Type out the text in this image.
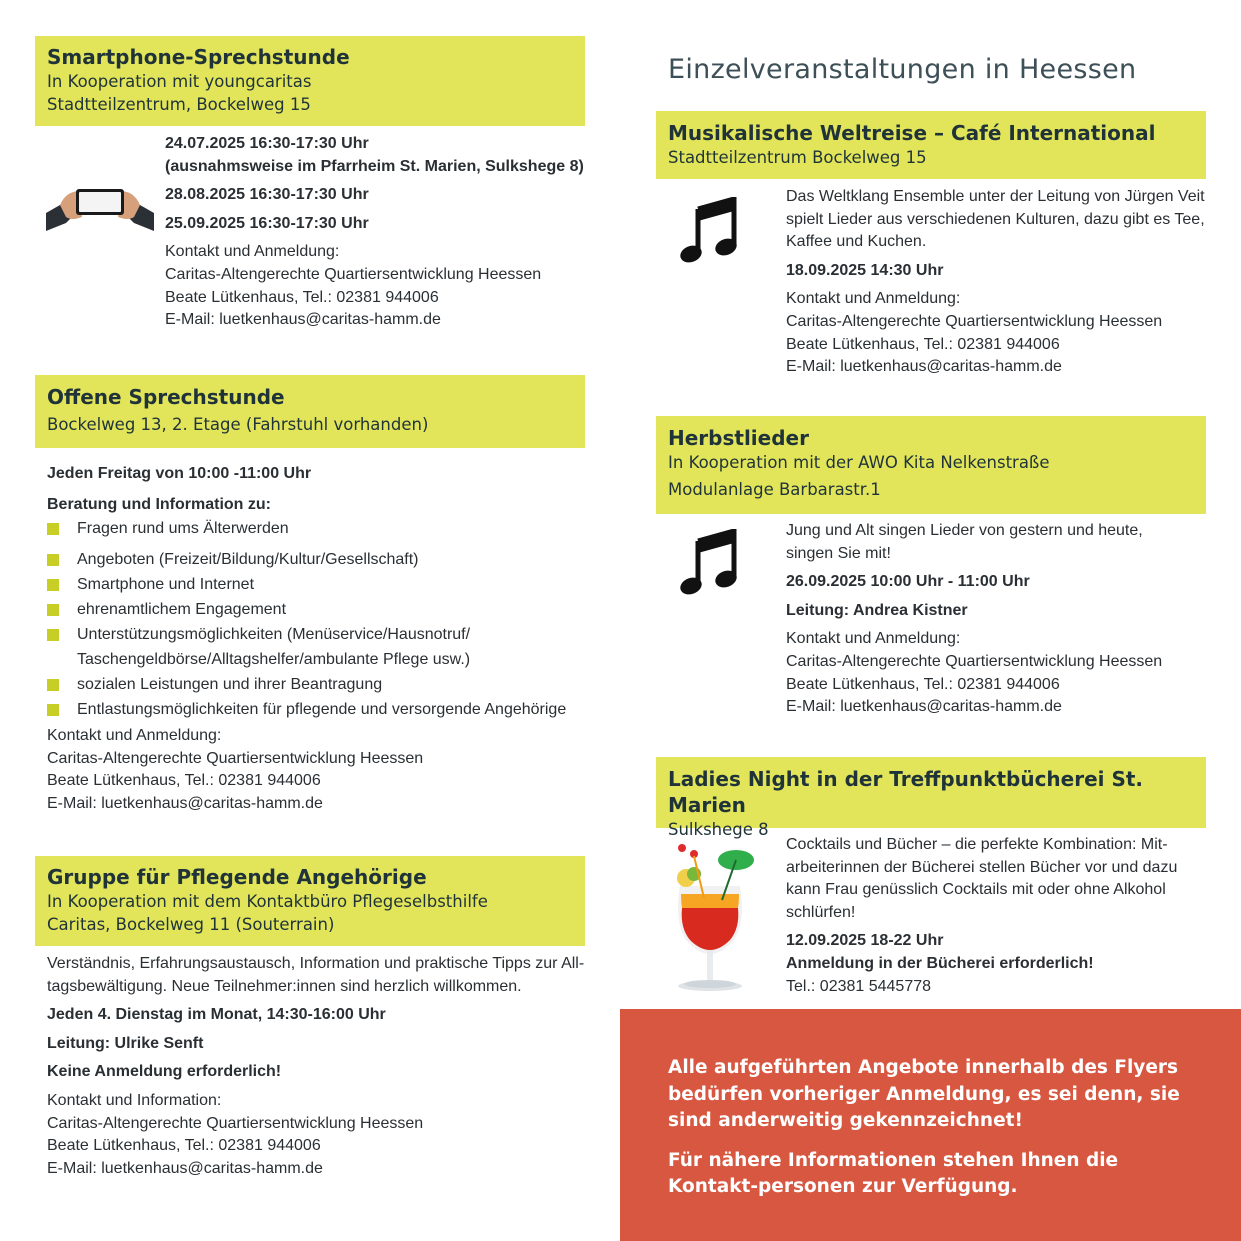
Smartphone-Sprechstunde
In Kooperation mit youngcaritas
Stadtteilzentrum, Bockelweg 15
24.07.2025 16:30-17:30 Uhr
(ausnahmsweise im Pfarrheim St. Marien, Sulkshege 8)
28.08.2025 16:30-17:30 Uhr
25.09.2025 16:30-17:30 Uhr
Kontakt und Anmeldung:
Caritas-Altengerechte Quartiersentwicklung Heessen
Beate Lütkenhaus, Tel.: 02381 944006
E-Mail: luetkenhaus@caritas-hamm.de
Offene Sprechstunde
Bockelweg 13, 2. Etage (Fahrstuhl vorhanden)
Jeden Freitag von 10:00 -11:00 Uhr
Beratung und Information zu:
Fragen rund ums Älterwerden
Angeboten (Freizeit/Bildung/Kultur/Gesellschaft)
Smartphone und Internet
ehrenamtlichem Engagement
Unterstützungsmöglichkeiten (Menüservice/Hausnotruf/
Taschengeldbörse/Alltagshelfer/ambulante Pflege usw.)
sozialen Leistungen und ihrer Beantragung
Entlastungsmöglichkeiten für pflegende und versorgende Angehörige
Kontakt und Anmeldung:
Caritas-Altengerechte Quartiersentwicklung Heessen
Beate Lütkenhaus, Tel.: 02381 944006
E-Mail: luetkenhaus@caritas-hamm.de
Gruppe für Pflegende Angehörige
In Kooperation mit dem Kontaktbüro Pflegeselbsthilfe
Caritas, Bockelweg 11 (Souterrain)
Verständnis, Erfahrungsaustausch, Information und praktische Tipps zur All-
tagsbewältigung. Neue Teilnehmer:innen sind herzlich willkommen.
Jeden 4. Dienstag im Monat, 14:30-16:00 Uhr
Leitung: Ulrike Senft
Keine Anmeldung erforderlich!
Kontakt und Information:
Caritas-Altengerechte Quartiersentwicklung Heessen
Beate Lütkenhaus, Tel.: 02381 944006
E-Mail: luetkenhaus@caritas-hamm.de
Einzelveranstaltungen in Heessen
Musikalische Weltreise – Café International
Stadtteilzentrum Bockelweg 15
Das Weltklang Ensemble unter der Leitung von Jürgen Veit
spielt Lieder aus verschiedenen Kulturen, dazu gibt es Tee,
Kaffee und Kuchen.
18.09.2025 14:30 Uhr
Kontakt und Anmeldung:
Caritas-Altengerechte Quartiersentwicklung Heessen
Beate Lütkenhaus, Tel.: 02381 944006
E-Mail: luetkenhaus@caritas-hamm.de
Herbstlieder
In Kooperation mit der AWO Kita Nelkenstraße
Modulanlage Barbarastr.1
Jung und Alt singen Lieder von gestern und heute,
singen Sie mit!
26.09.2025 10:00 Uhr - 11:00 Uhr
Leitung: Andrea Kistner
Kontakt und Anmeldung:
Caritas-Altengerechte Quartiersentwicklung Heessen
Beate Lütkenhaus, Tel.: 02381 944006
E-Mail: luetkenhaus@caritas-hamm.de
Ladies Night in der Treffpunktbücherei St. Marien
Sulkshege 8
Cocktails und Bücher – die perfekte Kombination: Mit-
arbeiterinnen der Bücherei stellen Bücher vor und dazu
kann Frau genüsslich Cocktails mit oder ohne Alkohol
schlürfen!
12.09.2025 18-22 Uhr
Anmeldung in der Bücherei erforderlich!
Tel.: 02381 5445778

Alle aufgeführten Angebote innerhalb des Flyers bedürfen vorheriger Anmeldung, es sei denn, sie sind anderweitig gekennzeichnet!

Für nähere Informationen stehen Ihnen die Kontakt-personen zur Verfügung.
